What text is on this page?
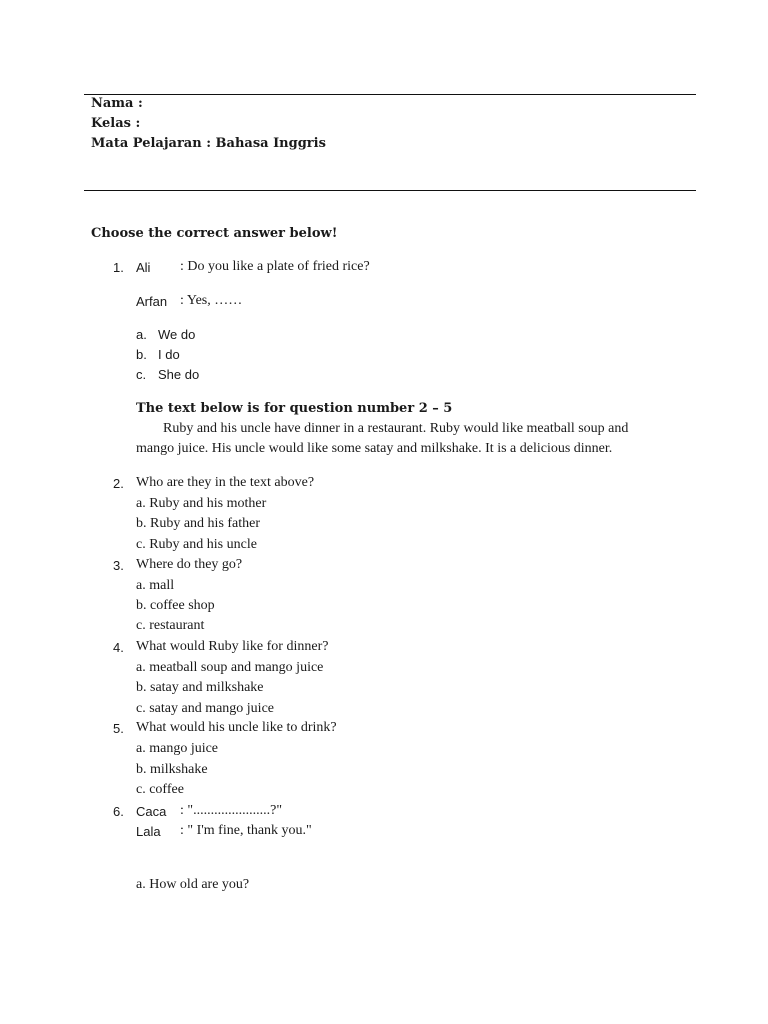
Nama :
Kelas :
Mata Pelajaran : Bahasa Inggris
Choose the correct answer below!
1. Ali : Do you like a plate of fried rice?
Arfan : Yes, ……
a. We do
b. I do
c. She do
The text below is for question number 2 – 5
Ruby and his uncle have dinner in a restaurant. Ruby would like meatball soup and
mango juice. His uncle would like some satay and milkshake. It is a delicious dinner.
2. Who are they in the text above?
a. Ruby and his mother
b. Ruby and his father
c. Ruby and his uncle
3. Where do they go?
a. mall
b. coffee shop
c. restaurant
4. What would Ruby like for dinner?
a. meatball soup and mango juice
b. satay and milkshake
c. satay and mango juice
5. What would his uncle like to drink?
a. mango juice
b. milkshake
c. coffee
6. Caca : "......................?"
Lala : " I'm fine, thank you."
a. How old are you?
